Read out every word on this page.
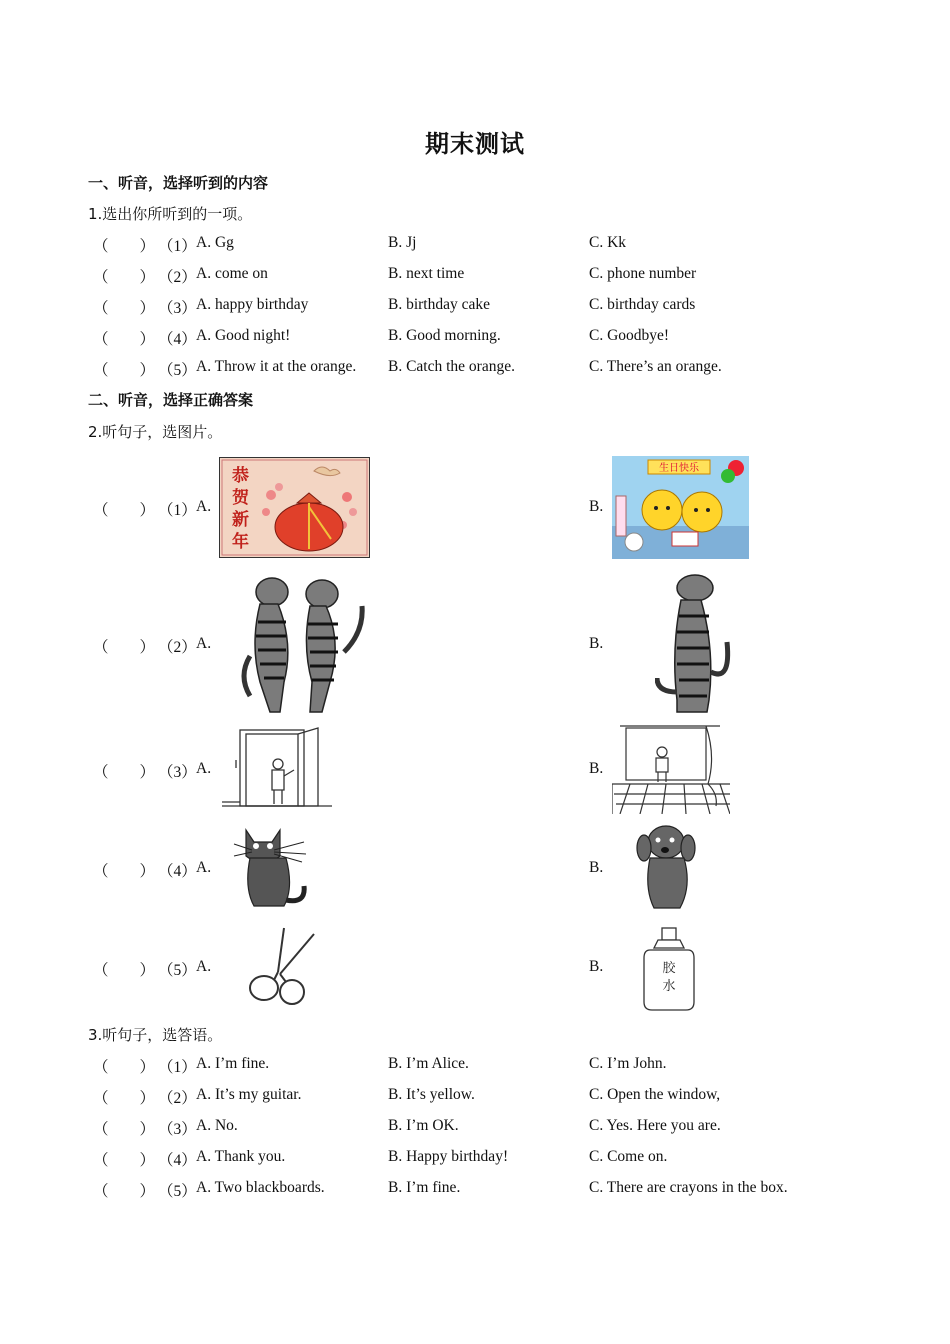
期末测试
一、听音，选择听到的内容
1.选出你所听到的一项。
（　　） （1） A. Gg	B. Jj	C. Kk
（　　） （2） A. come on	B. next time	C. phone number
（　　） （3） A. happy birthday	B. birthday cake	C. birthday cards
（　　） （4） A. Good night!	B. Good morning.	C. Goodbye!
（　　） （5） A. Throw it at the orange. B. Catch the orange.	C. There’s an orange.
二、听音，选择正确答案
2.听句子，选图片。
（　　） （1） A.	B.
恭
贺
新
年
生日快乐
（　　） （2） A.	B.
（　　） （3） A.	B.
（　　） （4） A.	B.
（　　） （5） A.	B.	胶
水
3.听句子，选答语。
（　　） （1） A. I’m fine.	B. I’m Alice.	C. I’m John.
（　　） （2） A. It’s my guitar.	B. It’s yellow.	C. Open the window,
（　　） （3） A. No.	B. I’m OK.	C. Yes. Here you are.
（　　） （4） A. Thank you.	B. Happy birthday!	C. Come on.
（　　） （5） A. Two blackboards.	B. I’m fine.	C. There are crayons in the box.
